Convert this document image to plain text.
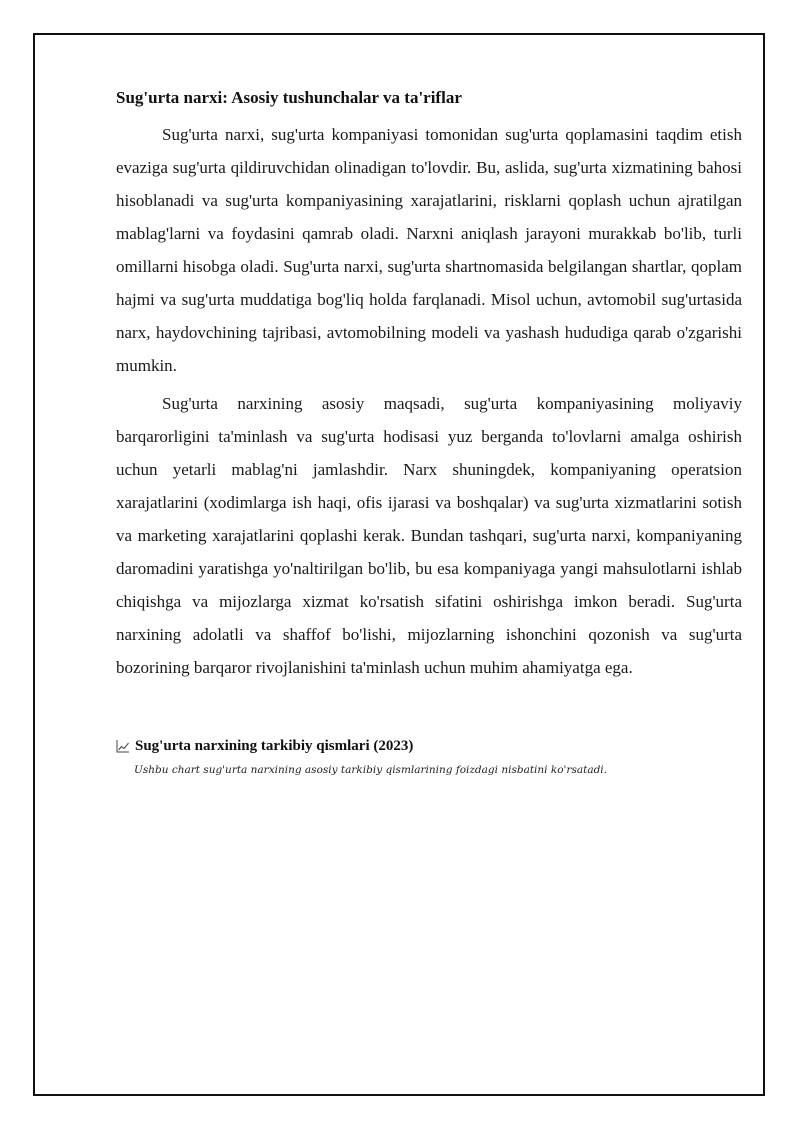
Sug'urta narxi: Asosiy tushunchalar va ta'riflar

Sug'urta narxi, sug'urta kompaniyasi tomonidan sug'urta qoplamasini taqdim etish evaziga sug'urta qildiruvchidan olinadigan to'lovdir. Bu, aslida, sug'urta xizmatining bahosi hisoblanadi va sug'urta kompaniyasining xarajatlarini, risklarni qoplash uchun ajratilgan mablag'larni va foydasini qamrab oladi. Narxni aniqlash jarayoni murakkab bo'lib, turli omillarni hisobga oladi. Sug'urta narxi, sug'urta shartnomasida belgilangan shartlar, qoplam hajmi va sug'urta muddatiga bog'liq holda farqlanadi. Misol uchun, avtomobil sug'urtasida narx, haydovchining tajribasi, avtomobilning modeli va yashash hududiga qarab o'zgarishi mumkin.

Sug'urta narxining asosiy maqsadi, sug'urta kompaniyasining moliyaviy barqarorligini ta'minlash va sug'urta hodisasi yuz berganda to'lovlarni amalga oshirish uchun yetarli mablag'ni jamlashdir. Narx shuningdek, kompaniyaning operatsion xarajatlarini (xodimlarga ish haqi, ofis ijarasi va boshqalar) va sug'urta xizmatlarini sotish va marketing xarajatlarini qoplashi kerak. Bundan tashqari, sug'urta narxi, kompaniyaning daromadini yaratishga yo'naltirilgan bo'lib, bu esa kompaniyaga yangi mahsulotlarni ishlab chiqishga va mijozlarga xizmat ko'rsatish sifatini oshirishga imkon beradi. Sug'urta narxining adolatli va shaffof bo'lishi, mijozlarning ishonchini qozonish va sug'urta bozorining barqaror rivojlanishini ta'minlash uchun muhim ahamiyatga ega.

Sug'urta narxining tarkibiy qismlari (2023)
Ushbu chart sug'urta narxining asosiy tarkibiy qismlarining foizdagi nisbatini ko'rsatadi.
